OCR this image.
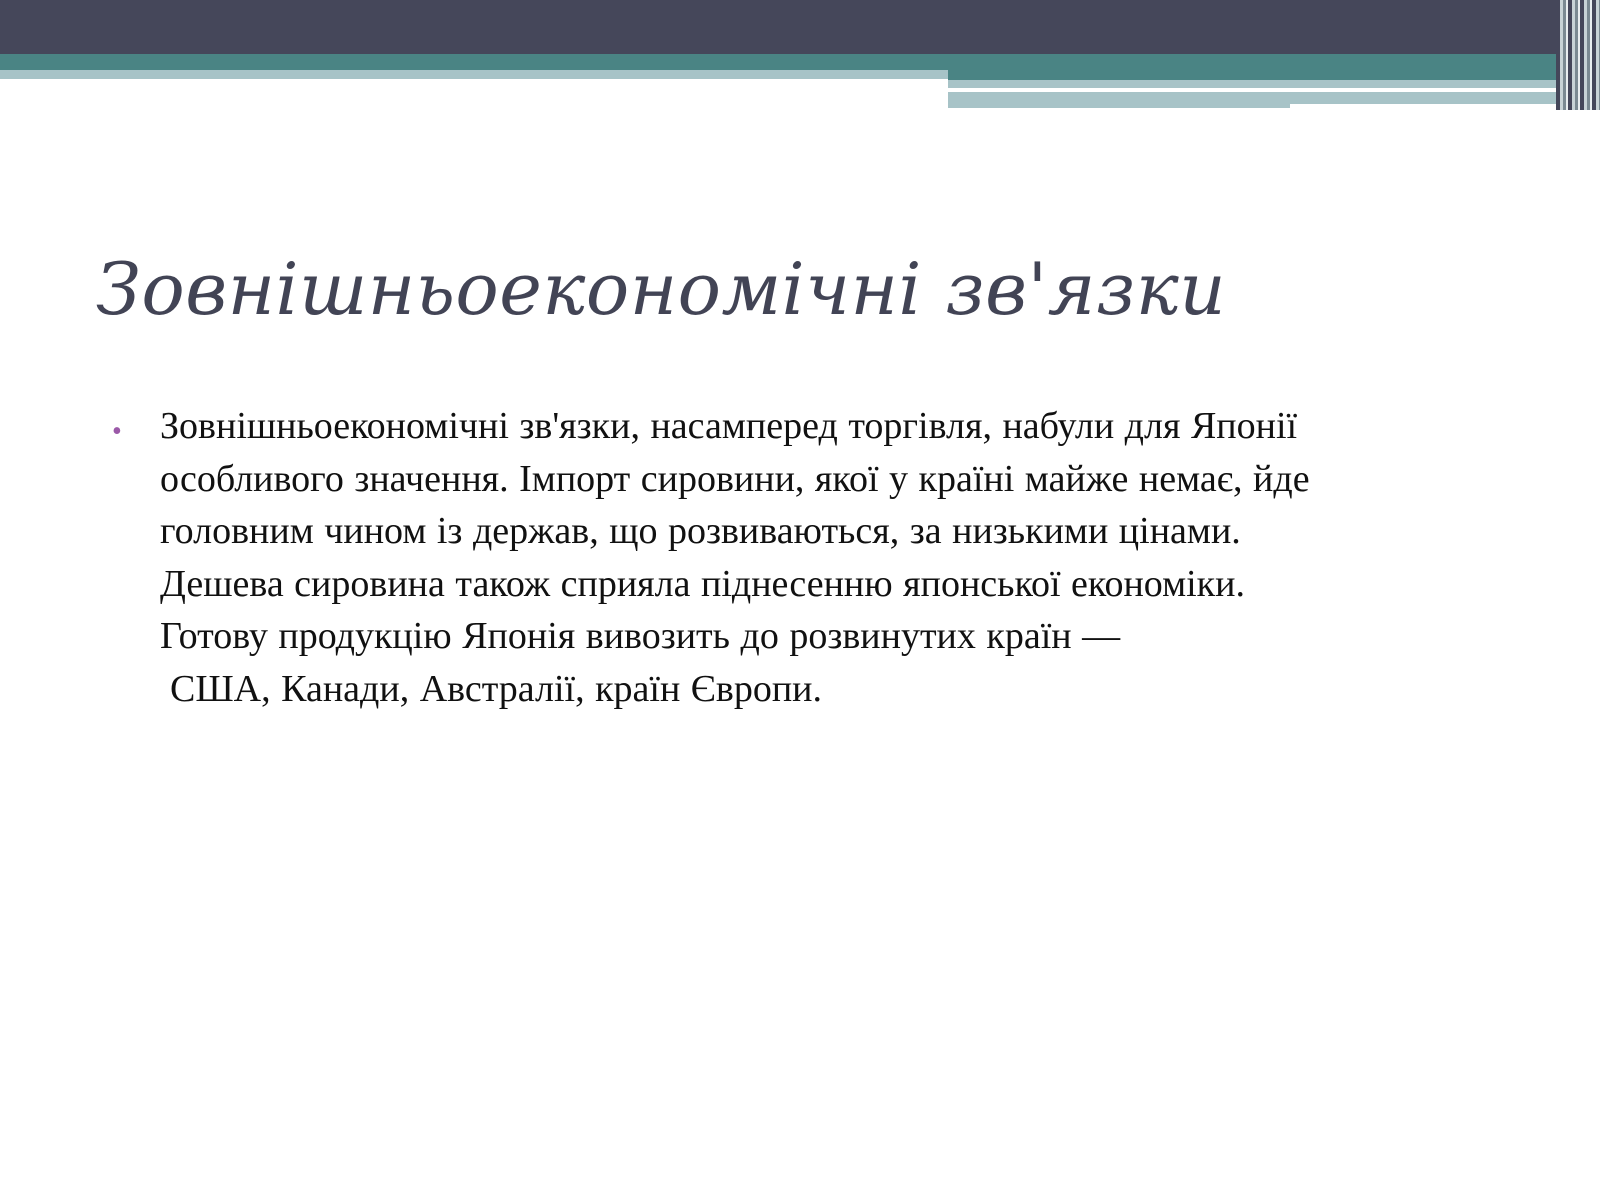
Зовнішньоекономічні зв'язки
•	Зовнішньоекономічні зв'язки, насамперед торгівля, набули для Японії
особливого значення. Імпорт сировини, якої у країні майже немає, йде
головним чином із держав, що розвиваються, за низькими цінами.
Дешева сировина також сприяла піднесенню японської економіки.
Готову продукцію Японія вивозить до розвинутих країн —
США, Канади, Австралії, країн Європи.
